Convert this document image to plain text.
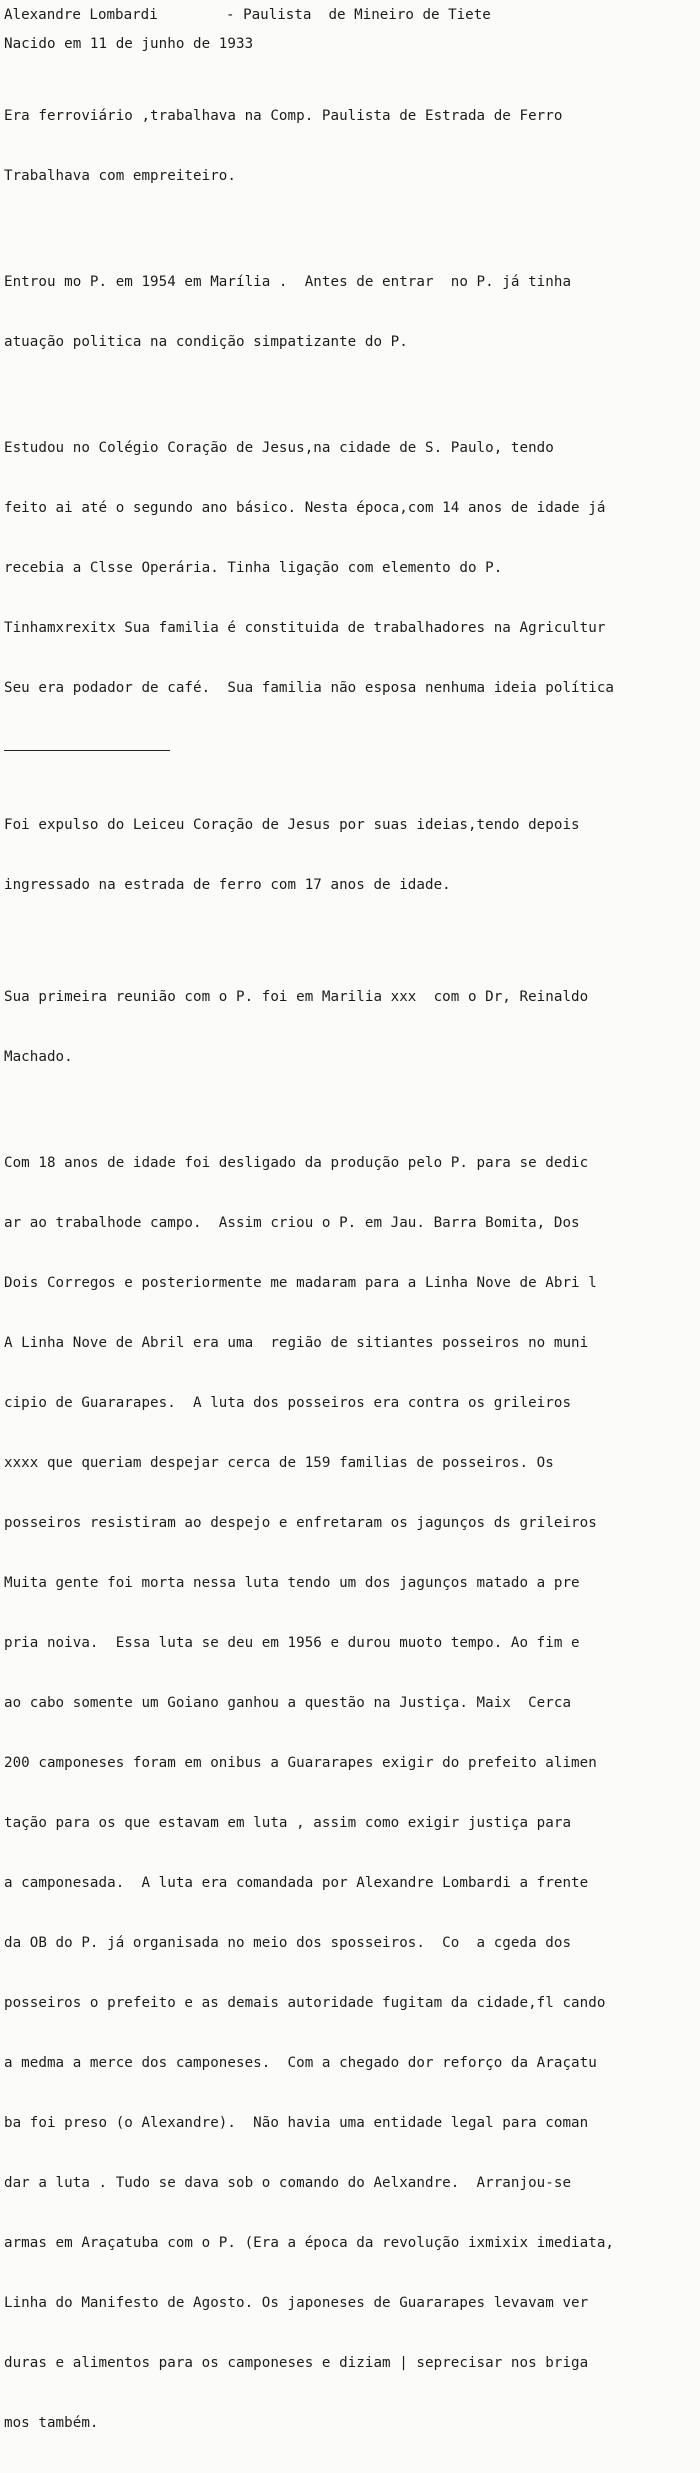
Alexandre Lombardi	- Paulista  de Mineiro de Tiete

Nacido em 11 de junho de 1933

Era ferroviário ,trabalhava na Comp. Paulista de Estrada de Ferro

Trabalhava com empreiteiro.

Entrou mo P. em 1954 em Marília .  Antes de entrar  no P. já tinha

atuação politica na condição simpatizante do P.

Estudou no Colégio Coração de Jesus,na cidade de S. Paulo, tendo

feito ai até o segundo ano básico. Nesta época,com 14 anos de idade já

recebia a Clsse Operária. Tinha ligação com elemento do P.

Tinhamxrexitx Sua familia é constituida de trabalhadores na Agricultur

Seu era podador de café.  Sua familia não esposa nenhuma ideia política

Foi expulso do Leiceu Coração de Jesus por suas ideias,tendo depois

ingressado na estrada de ferro com 17 anos de idade.

Sua primeira reunião com o P. foi em Marilia xxx  com o Dr, Reinaldo

Machado.

Com 18 anos de idade foi desligado da produção pelo P. para se dedic

ar ao trabalhode campo.  Assim criou o P. em Jau. Barra Bomita, Dos

Dois Corregos e posteriormente me madaram para a Linha Nove de Abri l

A Linha Nove de Abril era uma  região de sitiantes posseiros no muni

cipio de Guararapes.  A luta dos posseiros era contra os grileiros

xxxx que queriam despejar cerca de 159 familias de posseiros. Os

posseiros resistiram ao despejo e enfretaram os jagunços ds grileiros

Muita gente foi morta nessa luta tendo um dos jagunços matado a pre

pria noiva.  Essa luta se deu em 1956 e durou muoto tempo. Ao fim e

ao cabo somente um Goiano ganhou a questão na Justiça. Maix  Cerca

200 camponeses foram em onibus a Guararapes exigir do prefeito alimen

tação para os que estavam em luta , assim como exigir justiça para

a camponesada.  A luta era comandada por Alexandre Lombardi a frente

da OB do P. já organisada no meio dos sposseiros.  Co  a cgeda dos

posseiros o prefeito e as demais autoridade fugitam da cidade,fl cando

a medma a merce dos camponeses.  Com a chegado dor reforço da Araçatu

ba foi preso (o Alexandre).  Não havia uma entidade legal para coman

dar a luta . Tudo se dava sob o comando do Aelxandre.  Arranjou-se

armas em Araçatuba com o P. (Era a época da revolução ixmixix imediata,

Linha do Manifesto de Agosto. Os japoneses de Guararapes levavam ver

duras e alimentos para os camponeses e diziam | seprecisar nos briga

mos também.
